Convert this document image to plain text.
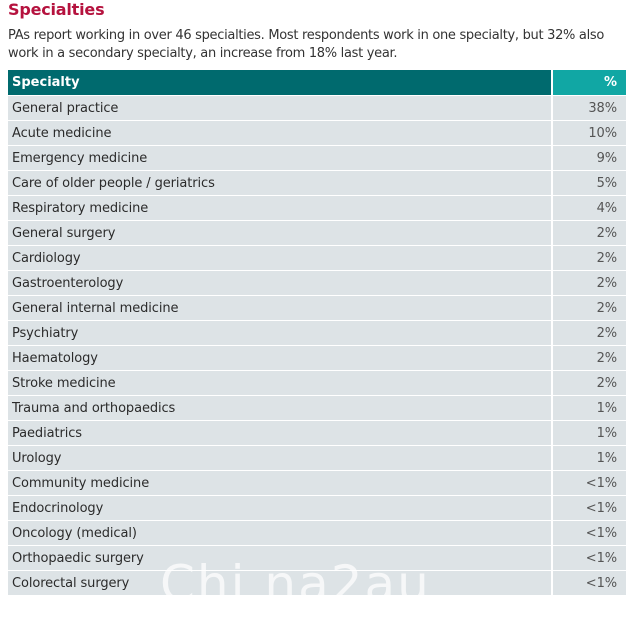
Specialties
PAs report working in over 46 specialties. Most respondents work in one specialty, but 32% also work in a secondary specialty, an increase from 18% last year.
Specialty	%
General practice	38%
Acute medicine	10%
Emergency medicine	9%
Care of older people / geriatrics	5%
Respiratory medicine	4%
General surgery	2%
Cardiology	2%
Gastroenterology	2%
General internal medicine	2%
Psychiatry	2%
Haematology	2%
Stroke medicine	2%
Trauma and orthopaedics	1%
Paediatrics	1%
Urology	1%
Community medicine	<1%
Endocrinology	<1%
Oncology (medical)	<1%
Orthopaedic surgery	<1%
Colorectal surgery	<1%
Chi na2au
